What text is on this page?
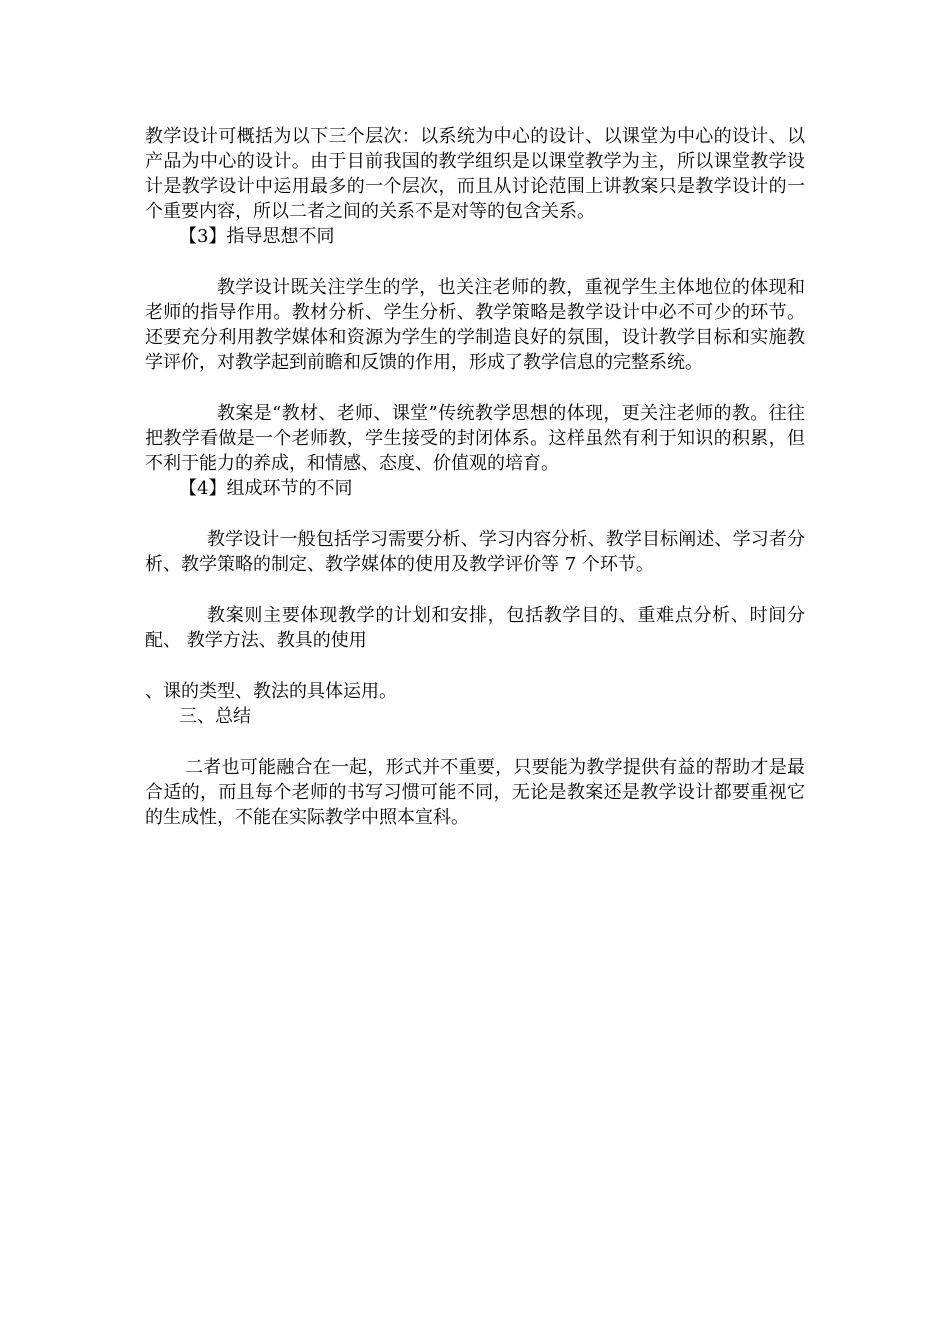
教学设计可概括为以下三个层次：以系统为中心的设计、以课堂为中心的设计、以产品为中心的设计。由于目前我国的教学组织是以课堂教学为主，所以课堂教学设计是教学设计中运用最多的一个层次，而且从讨论范围上讲教案只是教学设计的一个重要内容，所以二者之间的关系不是对等的包含关系。

【3】指导思想不同

教学设计既关注学生的学，也关注老师的教，重视学生主体地位的体现和老师的指导作用。教材分析、学生分析、教学策略是教学设计中必不可少的环节。还要充分利用教学媒体和资源为学生的学制造良好的氛围，设计教学目标和实施教学评价，对教学起到前瞻和反馈的作用，形成了教学信息的完整系统。

教案是“教材、老师、课堂”传统教学思想的体现，更关注老师的教。往往把教学看做是一个老师教，学生接受的封闭体系。这样虽然有利于知识的积累，但不利于能力的养成，和情感、态度、价值观的培育。

【4】组成环节的不同

教学设计一般包括学习需要分析、学习内容分析、教学目标阐述、学习者分析、教学策略的制定、教学媒体的使用及教学评价等 7 个环节。

教案则主要体现教学的计划和安排，包括教学目的、重难点分析、时间分配、 教学方法、教具的使用

、课的类型、教法的具体运用。

三、总结

二者也可能融合在一起，形式并不重要，只要能为教学提供有益的帮助才是最合适的，而且每个老师的书写习惯可能不同，无论是教案还是教学设计都要重视它的生成性，不能在实际教学中照本宣科。
